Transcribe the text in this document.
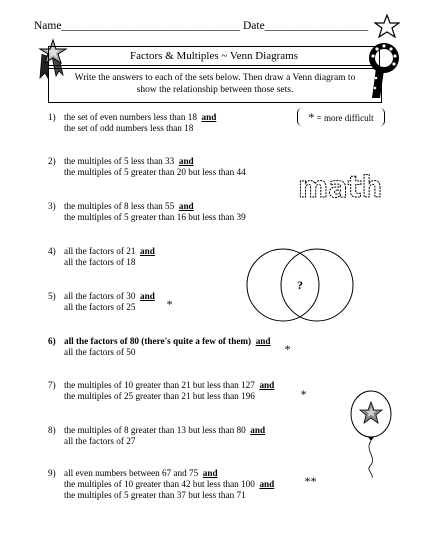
Name_______________________________ Date__________________
Factors & Multiples ~ Venn Diagrams
Write the answers to each of the sets below. Then draw a Venn diagram to
show the relationship between those sets.
* = more difficult
math
?
1) the set of even numbers less than 18 and
the set of odd numbers less than 18
2) the multiples of 5 less than 33 and
the multiples of 5 greater than 20 but less than 44
3) the multiples of 8 less than 55 and
the multiples of 5 greater than 16 but less than 39
4) all the factors of 21 and
all the factors of 18
5) all the factors of 30 and
all the factors of 25	*
6) all the factors of 80 (there's quite a few of them) and
all the factors of 50	*
7) the multiples of 10 greater than 21 but less than 127 and
the multiples of 25 greater than 21 but less than 196	*
8) the multiples of 8 greater than 13 but less than 80 and
all the factors of 27
9) all even numbers between 67 and 75 and
the multiples of 10 greater than 42 but less than 100 and
the multiples of 5 greater than 37 but less than 71
**
